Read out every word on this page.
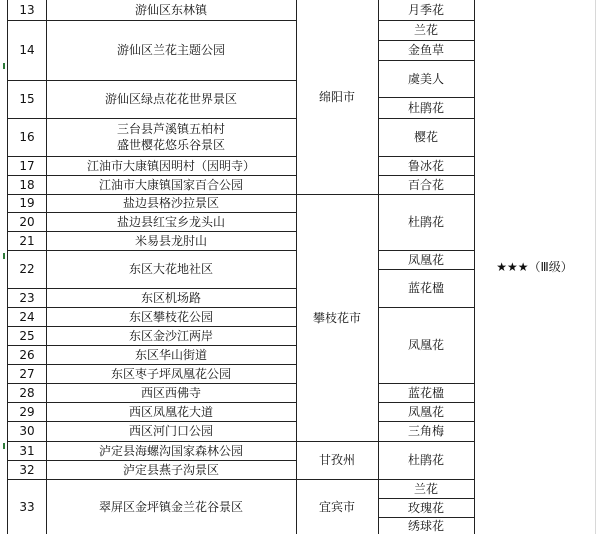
13
14
15
16
17
18
19
20
21
22
23
24
25
26
27
28
29
30
31
32
33
游仙区东林镇
游仙区兰花主题公园
游仙区绿点花花世界景区
三台县芦溪镇五柏村
盛世樱花悠乐谷景区
江油市大康镇因明村（因明寺）
江油市大康镇国家百合公园
盐边县格沙拉景区
盐边县红宝乡龙头山
米易县龙肘山
东区大花地社区
东区机场路
东区攀枝花公园
东区金沙江两岸
东区华山街道
东区枣子坪凤凰花公园
西区西佛寺
西区凤凰花大道
西区河门口公园
泸定县海螺沟国家森林公园
泸定县燕子沟景区
翠屏区金坪镇金兰花谷景区
绵阳市
攀枝花市
甘孜州
宜宾市
月季花
兰花
金鱼草
虞美人
杜鹃花
樱花
鲁冰花
百合花
杜鹃花
凤凰花
蓝花楹
凤凰花
蓝花楹
凤凰花
三角梅
杜鹃花
兰花
玫瑰花
绣球花
★★★（Ⅲ级）
